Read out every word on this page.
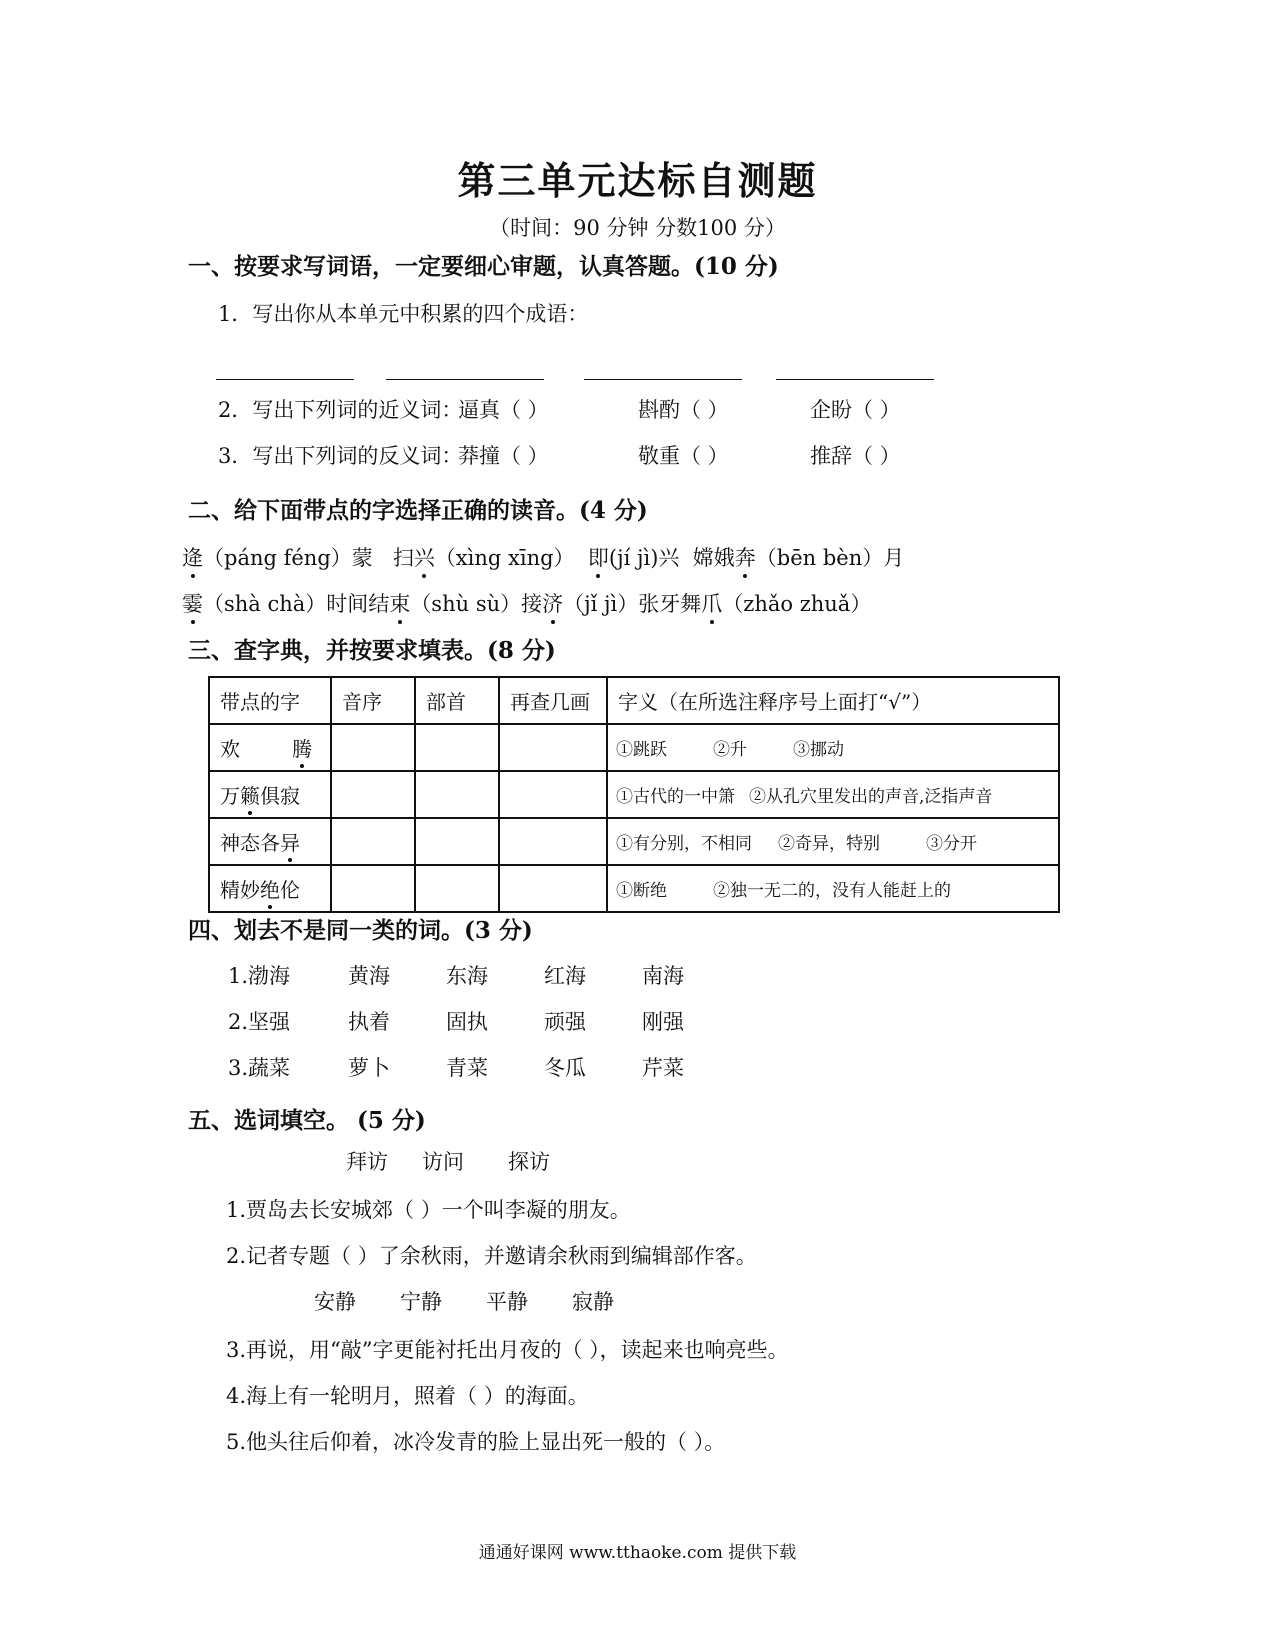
第三单元达标自测题
（时间：90 分钟 分数100 分）
一、按要求写词语，一定要细心审题，认真答题。(10 分)
1．写出你从本单元中积累的四个成语：
2．写出下列词的近义词：
逼真（ ）	斟酌（ ）	企盼（ ）
3．写出下列词的反义词：
莽撞（ ）	敬重（ ）	推辞（ ）
二、给下面带点的字选择正确的读音。(4 分)
逄（páng féng）蒙 扫兴（xìng xīng） 即(jí jì)兴 嫦娥奔（bēn bèn）月
霎（shà chà）时间结束（shù sù）接济（jǐ jì）张牙舞爪（zhǎo zhuǎ）
三、查字典，并按要求填表。(8 分)
带点的字	音序	部首	再查几画	字义（在所选注释序号上面打“√”）
欢 腾				①跳跃 ②升 ③挪动
万籁俱寂				①古代的一中箫 ②从孔穴里发出的声音,泛指声音
神态各异				①有分别，不相同 ②奇异，特别 ③分开
精妙绝伦				①断绝 ②独一无二的，没有人能赶上的
四、划去不是同一类的词。(3 分)
1.渤海	黄海	东海	红海	南海
2.坚强	执着	固执	顽强	刚强
3.蔬菜	萝卜	青菜	冬瓜	芹菜
五、选词填空。 (5 分)
拜访 访问 探访
1.贾岛去长安城郊（ ）一个叫李凝的朋友。
2.记者专题（ ）了余秋雨，并邀请余秋雨到编辑部作客。
安静 宁静 平静 寂静
3.再说，用“敲”字更能衬托出月夜的（ ），读起来也响亮些。
4.海上有一轮明月，照着（ ）的海面。
5.他头往后仰着，冰冷发青的脸上显出死一般的（ ）。
通通好课网 www.tthaoke.com 提供下载
